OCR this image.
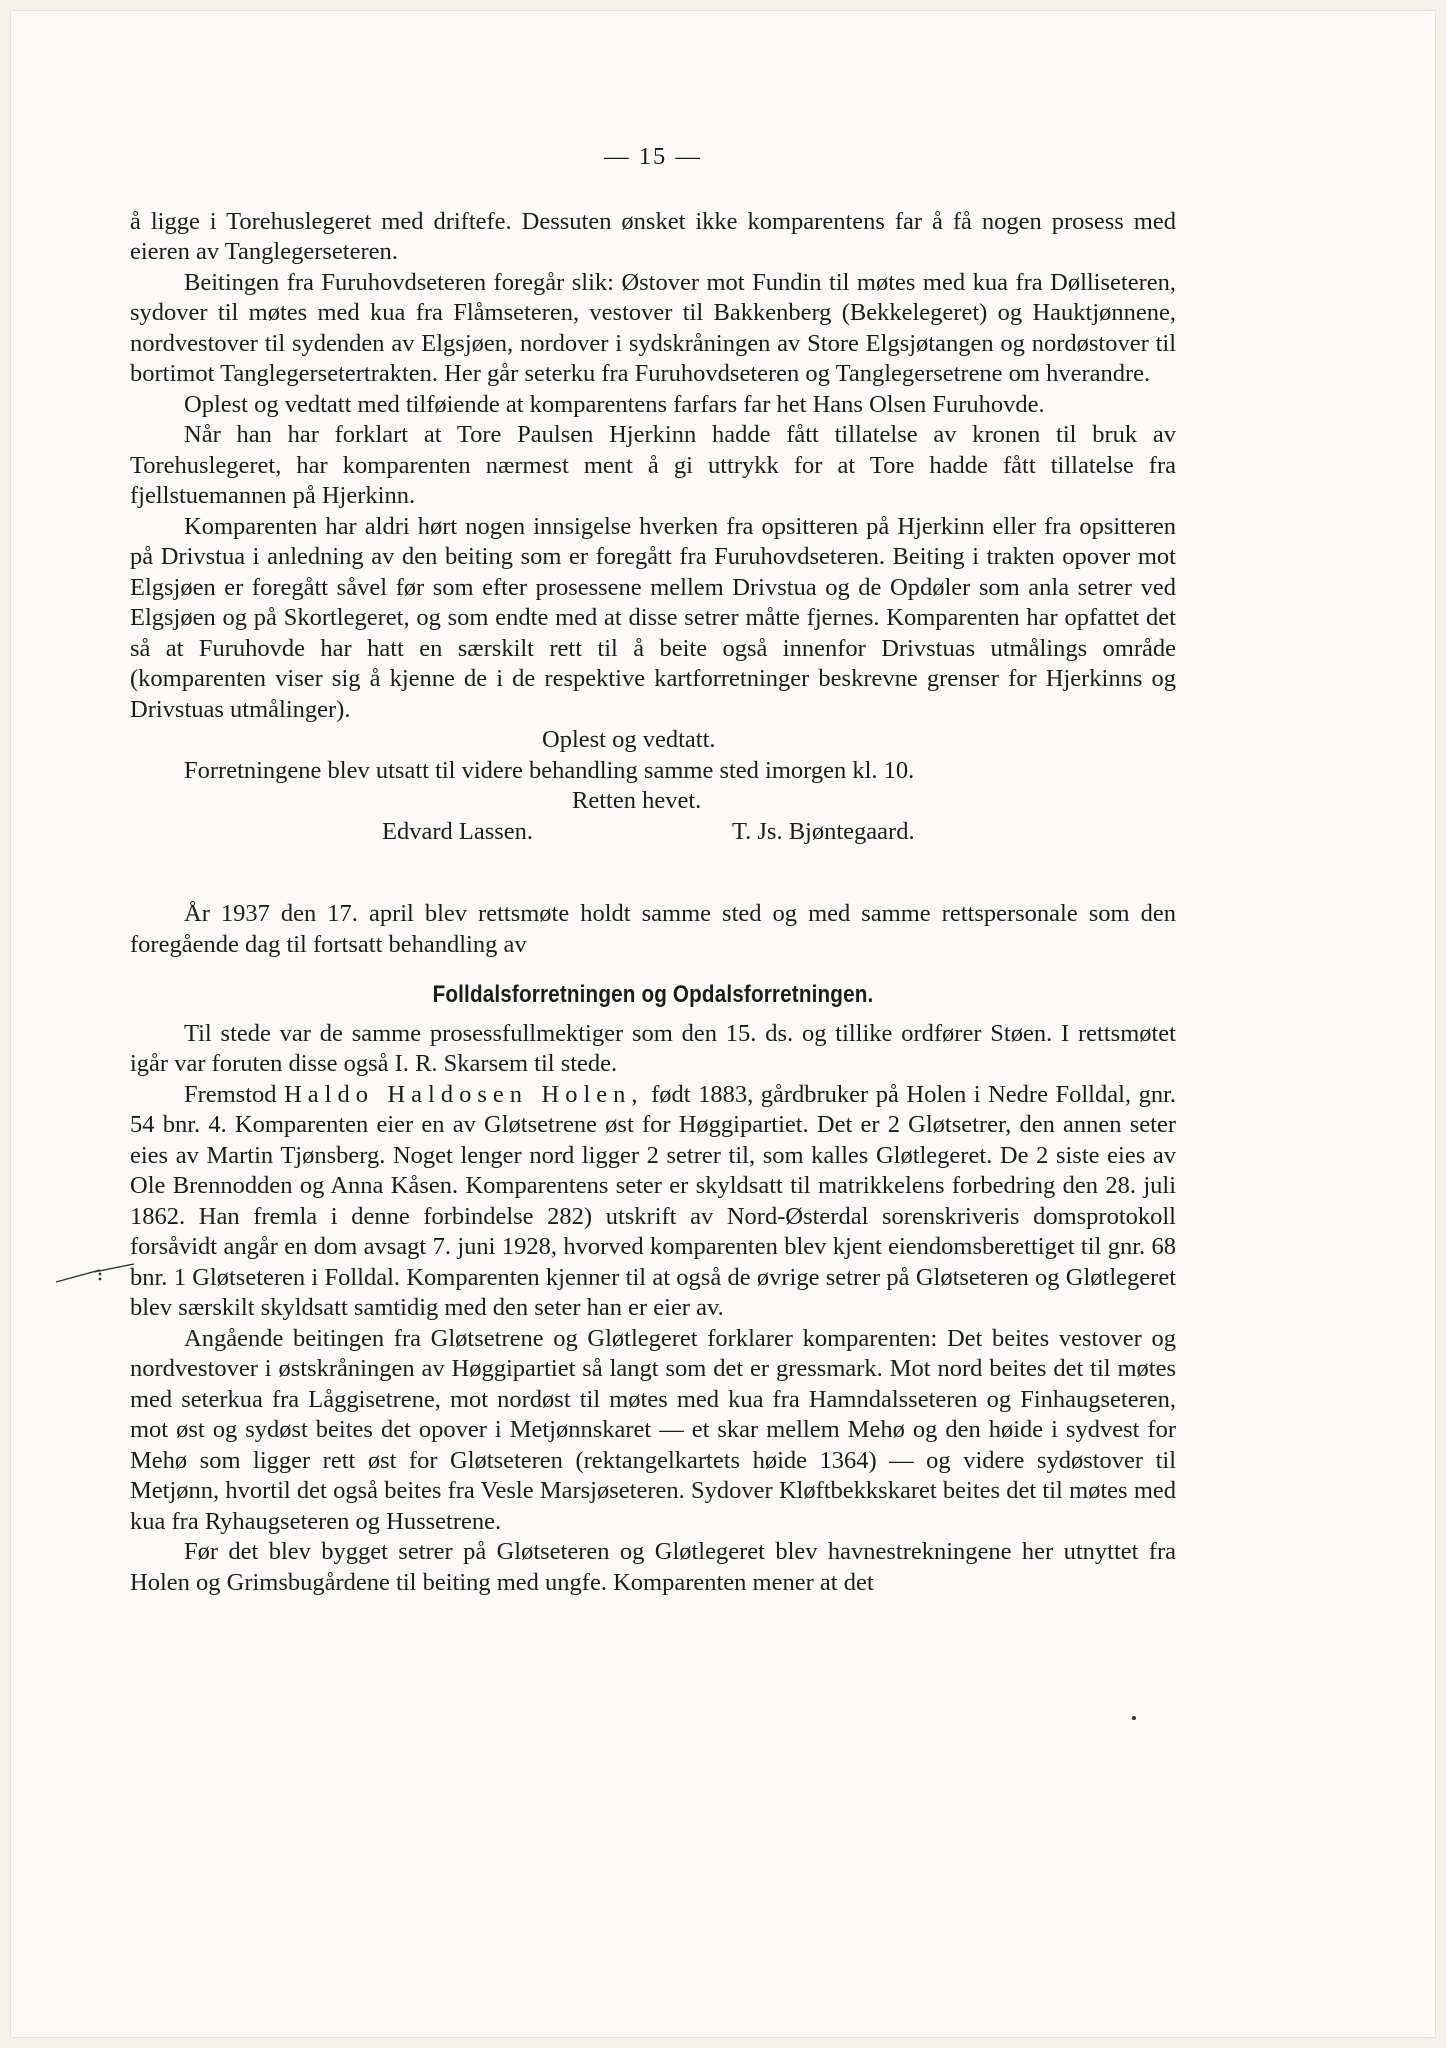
— 15 —

å ligge i Torehuslegeret med driftefe. Dessuten ønsket ikke komparentens far å få nogen prosess med eieren av Tanglegerseteren.

Beitingen fra Furuhovdseteren foregår slik: Østover mot Fundin til møtes med kua fra Dølliseteren, sydover til møtes med kua fra Flåmseteren, vestover til Bakkenberg (Bekkelegeret) og Hauktjønnene, nordvestover til sydenden av Elgsjøen, nordover i sydskråningen av Store Elgsjøtangen og nordøstover til bortimot Tanglegersetertrakten. Her går seterku fra Furuhovdseteren og Tanglegersetrene om hverandre.

Oplest og vedtatt med tilføiende at komparentens farfars far het Hans Olsen Furuhovde.

Når han har forklart at Tore Paulsen Hjerkinn hadde fått tillatelse av kronen til bruk av Torehuslegeret, har komparenten nærmest ment å gi uttrykk for at Tore hadde fått tillatelse fra fjellstuemannen på Hjerkinn.

Komparenten har aldri hørt nogen innsigelse hverken fra opsitteren på Hjerkinn eller fra opsitteren på Drivstua i anledning av den beiting som er foregått fra Furuhovdseteren. Beiting i trakten opover mot Elgsjøen er foregått såvel før som efter prosessene mellem Drivstua og de Opdøler som anla setrer ved Elgsjøen og på Skortlegeret, og som endte med at disse setrer måtte fjernes. Komparenten har opfattet det så at Furuhovde har hatt en særskilt rett til å beite også innenfor Drivstuas utmålings område (komparenten viser sig å kjenne de i de respektive kartforretninger beskrevne grenser for Hjerkinns og Drivstuas utmålinger).

Oplest og vedtatt.

Forretningene blev utsatt til videre behandling samme sted imorgen kl. 10.

Retten hevet.

Edvard Lassen.	T. Js. Bjøntegaard.

År 1937 den 17. april blev rettsmøte holdt samme sted og med samme rettspersonale som den foregående dag til fortsatt behandling av

Folldalsforretningen og Opdalsforretningen.

Til stede var de samme prosessfullmektiger som den 15. ds. og tillike ordfører Støen. I rettsmøtet igår var foruten disse også I. R. Skarsem til stede.

Fremstod Haldo Haldosen Holen, født 1883, gårdbruker på Holen i Nedre Folldal, gnr. 54 bnr. 4. Komparenten eier en av Gløtsetrene øst for Høggipartiet. Det er 2 Gløtsetrer, den annen seter eies av Martin Tjønsberg. Noget lenger nord ligger 2 setrer til, som kalles Gløtlegeret. De 2 siste eies av Ole Brennodden og Anna Kåsen. Komparentens seter er skyldsatt til matrikkelens forbedring den 28. juli 1862. Han fremla i denne forbindelse 282) utskrift av Nord-Østerdal sorenskriveris domsprotokoll forsåvidt angår en dom avsagt 7. juni 1928, hvorved komparenten blev kjent eiendomsberettiget til gnr. 68 bnr. 1 Gløtseteren i Folldal. Komparenten kjenner til at også de øvrige setrer på Gløtseteren og Gløtlegeret blev særskilt skyldsatt samtidig med den seter han er eier av.

Angående beitingen fra Gløtsetrene og Gløtlegeret forklarer komparenten: Det beites vestover og nordvestover i østskråningen av Høggipartiet så langt som det er gressmark. Mot nord beites det til møtes med seterkua fra Låggisetrene, mot nordøst til møtes med kua fra Hamndalsseteren og Finhaugseteren, mot øst og sydøst beites det opover i Metjønnskaret — et skar mellem Mehø og den høide i sydvest for Mehø som ligger rett øst for Gløtseteren (rektangelkartets høide 1364) — og videre sydøstover til Metjønn, hvortil det også beites fra Vesle Marsjøseteren. Sydover Kløftbekkskaret beites det til møtes med kua fra Ryhaugseteren og Hussetrene.

Før det blev bygget setrer på Gløtseteren og Gløtlegeret blev havnestrekningene her utnyttet fra Holen og Grimsbugårdene til beiting med ungfe. Komparenten mener at det
